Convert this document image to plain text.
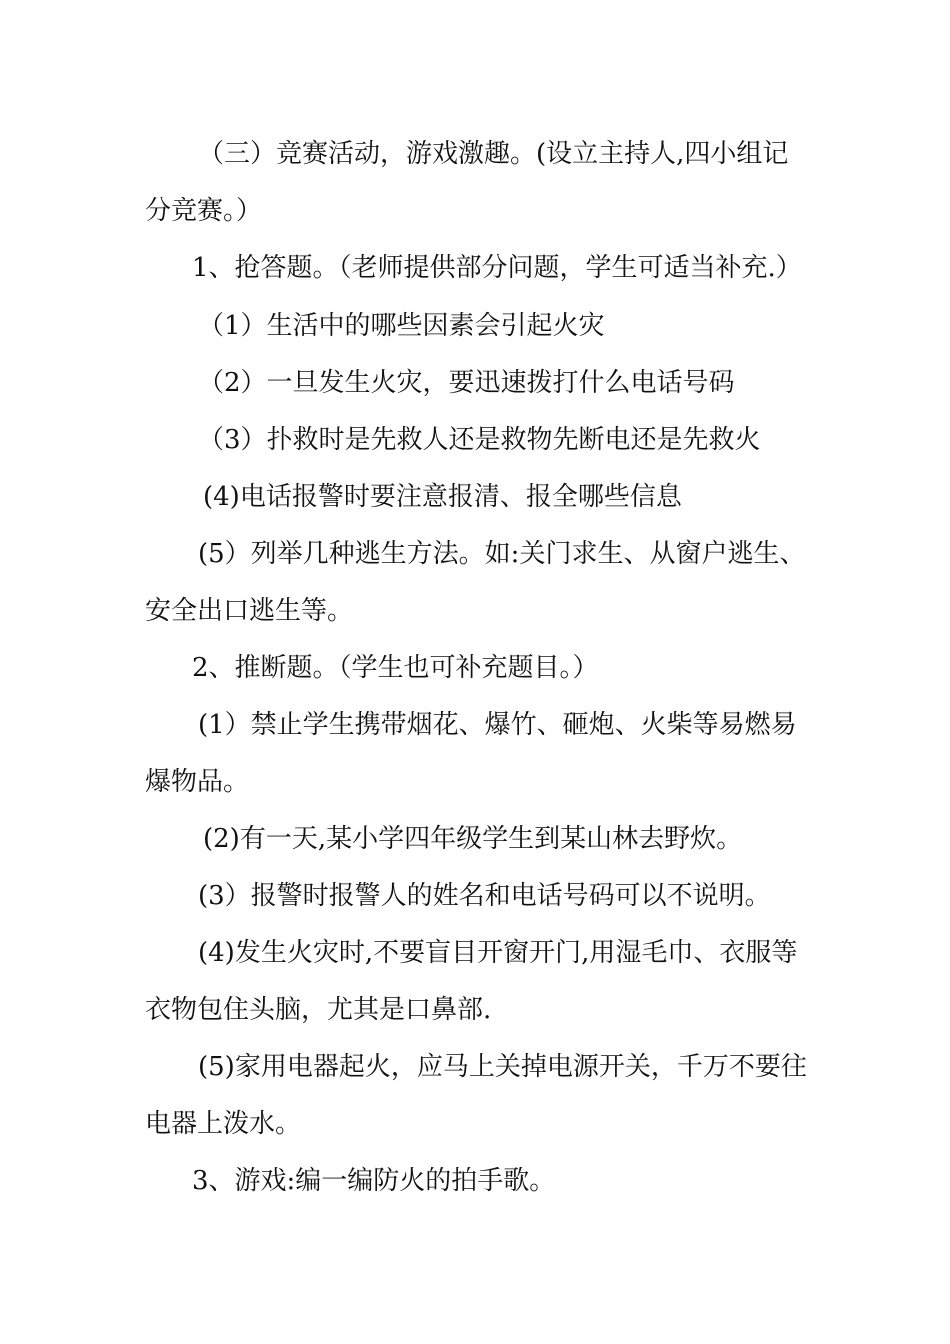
（三）竞赛活动，游戏激趣。(设立主持人,四小组记
分竞赛。）
1、抢答题。（老师提供部分问题，学生可适当补充.）
（1）生活中的哪些因素会引起火灾
（2）一旦发生火灾，要迅速拨打什么电话号码
（3）扑救时是先救人还是救物先断电还是先救火
(4)电话报警时要注意报清、报全哪些信息
(5）列举几种逃生方法。如:关门求生、从窗户逃生、
安全出口逃生等。
2、推断题。（学生也可补充题目。）
(1）禁止学生携带烟花、爆竹、砸炮、火柴等易燃易
爆物品。
(2)有一天,某小学四年级学生到某山林去野炊。
(3）报警时报警人的姓名和电话号码可以不说明。
(4)发生火灾时,不要盲目开窗开门,用湿毛巾、衣服等
衣物包住头脑，尤其是口鼻部.
(5)家用电器起火，应马上关掉电源开关，千万不要往
电器上泼水。
3、游戏:编一编防火的拍手歌。
